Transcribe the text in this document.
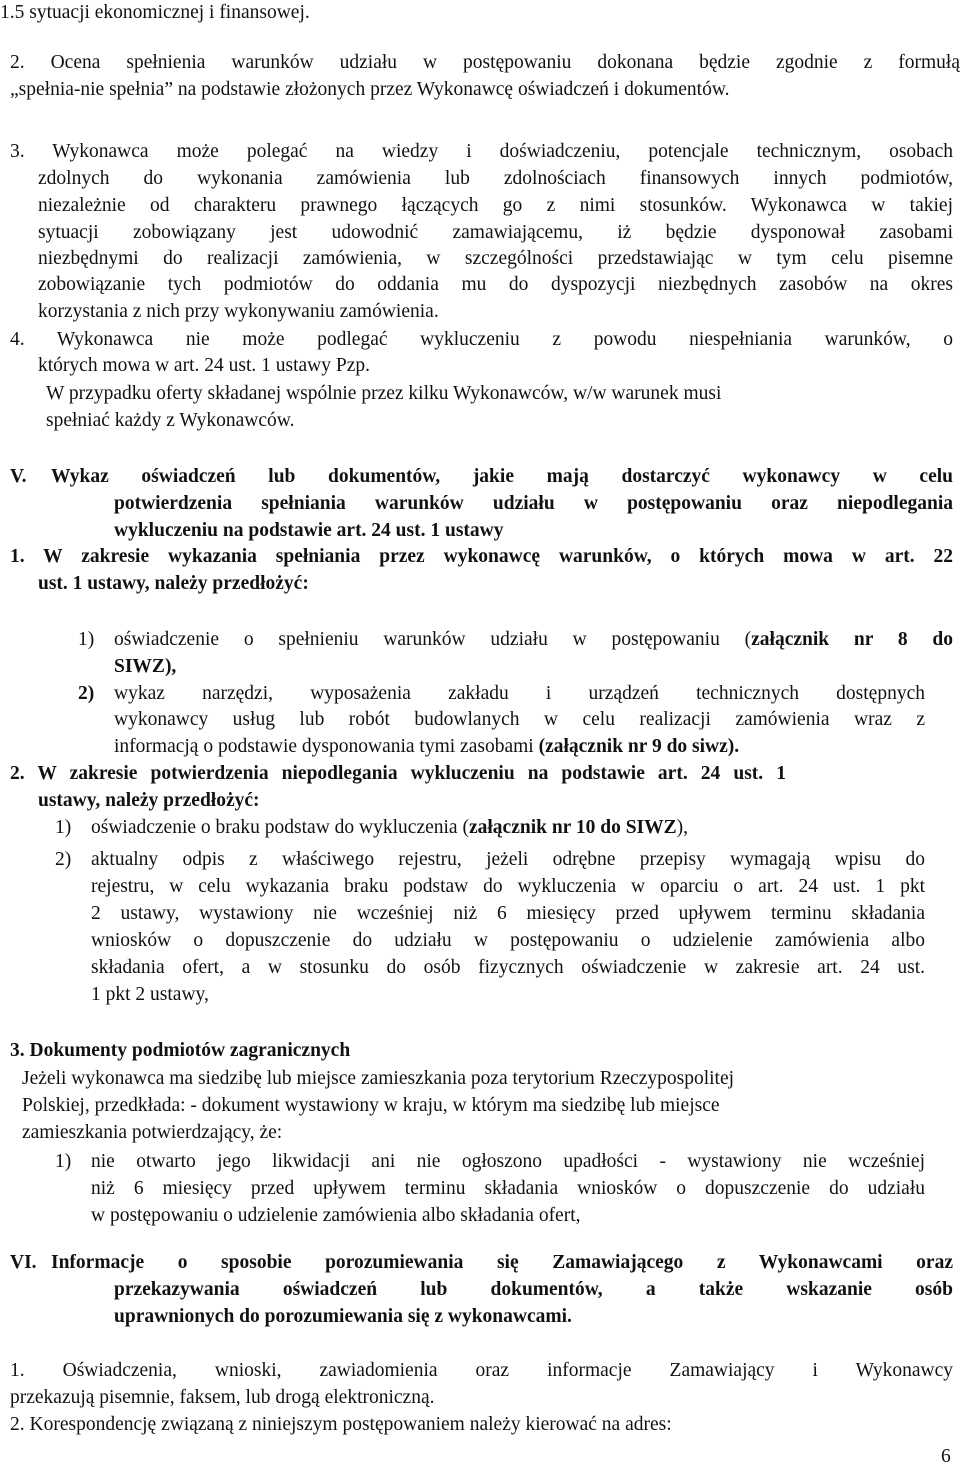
1.5 sytuacji ekonomicznej i finansowej.
2. Ocena spełnienia warunków udziału w postępowaniu dokonana będzie zgodnie z formułą
„spełnia-nie spełnia” na podstawie złożonych przez Wykonawcę oświadczeń i dokumentów.
3. Wykonawca może polegać na wiedzy i doświadczeniu, potencjale technicznym, osobach
zdolnych do wykonania zamówienia lub zdolnościach finansowych innych podmiotów,
niezależnie od charakteru prawnego łączących go z nimi stosunków. Wykonawca w takiej
sytuacji zobowiązany jest udowodnić zamawiającemu, iż będzie dysponował zasobami
niezbędnymi do realizacji zamówienia, w szczególności przedstawiając w tym celu pisemne
zobowiązanie tych podmiotów do oddania mu do dyspozycji niezbędnych zasobów na okres
korzystania z nich przy wykonywaniu zamówienia.
4. Wykonawca nie może podlegać wykluczeniu z powodu niespełniania warunków, o
których mowa w art. 24 ust. 1 ustawy Pzp.
W przypadku oferty składanej wspólnie przez kilku Wykonawców, w/w warunek musi
spełniać każdy z Wykonawców.
V. Wykaz oświadczeń lub dokumentów, jakie mają dostarczyć wykonawcy w celu
potwierdzenia spełniania warunków udziału w postępowaniu oraz niepodlegania
wykluczeniu na podstawie art. 24 ust. 1 ustawy
1. W zakresie wykazania spełniania przez wykonawcę warunków, o których mowa w art. 22
ust. 1 ustawy, należy przedłożyć:
1) oświadczenie o spełnieniu warunków udziału w postępowaniu (załącznik nr 8 do
SIWZ),
2) wykaz narzędzi, wyposażenia zakładu i urządzeń technicznych dostępnych
wykonawcy usług lub robót budowlanych w celu realizacji zamówienia wraz z
informacją o podstawie dysponowania tymi zasobami (załącznik nr 9 do siwz).
2. W zakresie potwierdzenia niepodlegania wykluczeniu na podstawie art. 24 ust. 1
ustawy, należy przedłożyć:
1) oświadczenie o braku podstaw do wykluczenia (załącznik nr 10 do SIWZ),
2) aktualny odpis z właściwego rejestru, jeżeli odrębne przepisy wymagają wpisu do
rejestru, w celu wykazania braku podstaw do wykluczenia w oparciu o art. 24 ust. 1 pkt
2 ustawy, wystawiony nie wcześniej niż 6 miesięcy przed upływem terminu składania
wniosków o dopuszczenie do udziału w postępowaniu o udzielenie zamówienia albo
składania ofert, a w stosunku do osób fizycznych oświadczenie w zakresie art. 24 ust.
1 pkt 2 ustawy,
3. Dokumenty podmiotów zagranicznych
Jeżeli wykonawca ma siedzibę lub miejsce zamieszkania poza terytorium Rzeczypospolitej
Polskiej, przedkłada: - dokument wystawiony w kraju, w którym ma siedzibę lub miejsce
zamieszkania potwierdzający, że:
1) nie otwarto jego likwidacji ani nie ogłoszono upadłości - wystawiony nie wcześniej
niż 6 miesięcy przed upływem terminu składania wniosków o dopuszczenie do udziału
w postępowaniu o udzielenie zamówienia albo składania ofert,
VI. Informacje o sposobie porozumiewania się Zamawiającego z Wykonawcami oraz
przekazywania oświadczeń lub dokumentów, a także wskazanie osób
uprawnionych do porozumiewania się z wykonawcami.
1. Oświadczenia, wnioski, zawiadomienia oraz informacje Zamawiający i Wykonawcy
przekazują pisemnie, faksem, lub drogą elektroniczną.
2. Korespondencję związaną z niniejszym postępowaniem należy kierować na adres:
6
